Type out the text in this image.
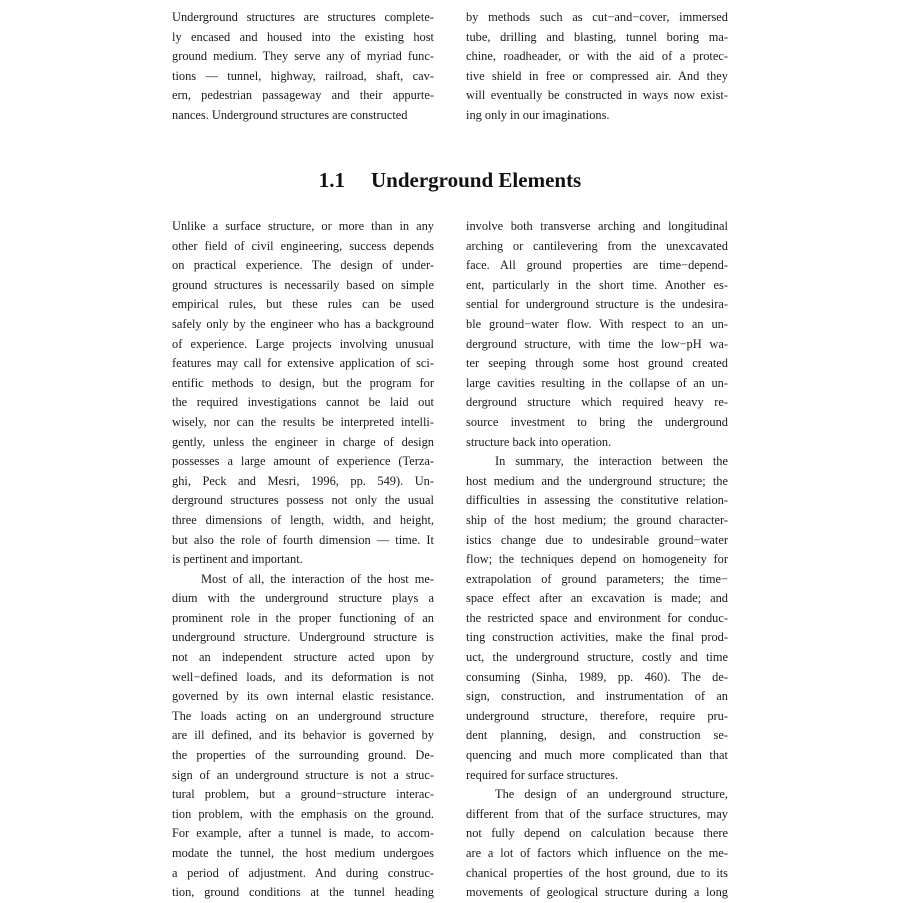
Underground structures are structures complete-
ly encased and housed into the existing host
ground medium. They serve any of myriad func-
tions — tunnel, highway, railroad, shaft, cav-
ern, pedestrian passageway and their appurte-
nances. Underground structures are constructed
by methods such as cut−and−cover, immersed
tube, drilling and blasting, tunnel boring ma-
chine, roadheader, or with the aid of a protec-
tive shield in free or compressed air. And they
will eventually be constructed in ways now exist-
ing only in our imaginations.
1.1 Underground Elements
Unlike a surface structure, or more than in any
other field of civil engineering, success depends
on practical experience. The design of under-
ground structures is necessarily based on simple
empirical rules, but these rules can be used
safely only by the engineer who has a background
of experience. Large projects involving unusual
features may call for extensive application of sci-
entific methods to design, but the program for
the required investigations cannot be laid out
wisely, nor can the results be interpreted intelli-
gently, unless the engineer in charge of design
possesses a large amount of experience (Terza-
ghi, Peck and Mesri, 1996, pp. 549). Un-
derground structures possess not only the usual
three dimensions of length, width, and height,
but also the role of fourth dimension — time. It
is pertinent and important.
Most of all, the interaction of the host me-
dium with the underground structure plays a
prominent role in the proper functioning of an
underground structure. Underground structure is
not an independent structure acted upon by
well−defined loads, and its deformation is not
governed by its own internal elastic resistance.
The loads acting on an underground structure
are ill defined, and its behavior is governed by
the properties of the surrounding ground. De-
sign of an underground structure is not a struc-
tural problem, but a ground−structure interac-
tion problem, with the emphasis on the ground.
For example, after a tunnel is made, to accom-
modate the tunnel, the host medium undergoes
a period of adjustment. And during construc-
tion, ground conditions at the tunnel heading
involve both transverse arching and longitudinal
arching or cantilevering from the unexcavated
face. All ground properties are time−depend-
ent, particularly in the short time. Another es-
sential for underground structure is the undesira-
ble ground−water flow. With respect to an un-
derground structure, with time the low−pH wa-
ter seeping through some host ground created
large cavities resulting in the collapse of an un-
derground structure which required heavy re-
source investment to bring the underground
structure back into operation.
In summary, the interaction between the
host medium and the underground structure; the
difficulties in assessing the constitutive relation-
ship of the host medium; the ground character-
istics change due to undesirable ground−water
flow; the techniques depend on homogeneity for
extrapolation of ground parameters; the time−
space effect after an excavation is made; and
the restricted space and environment for conduc-
ting construction activities, make the final prod-
uct, the underground structure, costly and time
consuming (Sinha, 1989, pp. 460). The de-
sign, construction, and instrumentation of an
underground structure, therefore, require pru-
dent planning, design, and construction se-
quencing and much more complicated than that
required for surface structures.
The design of an underground structure,
different from that of the surface structures, may
not fully depend on calculation because there
are a lot of factors which influence on the me-
chanical properties of the host ground, due to its
movements of geological structure during a long
